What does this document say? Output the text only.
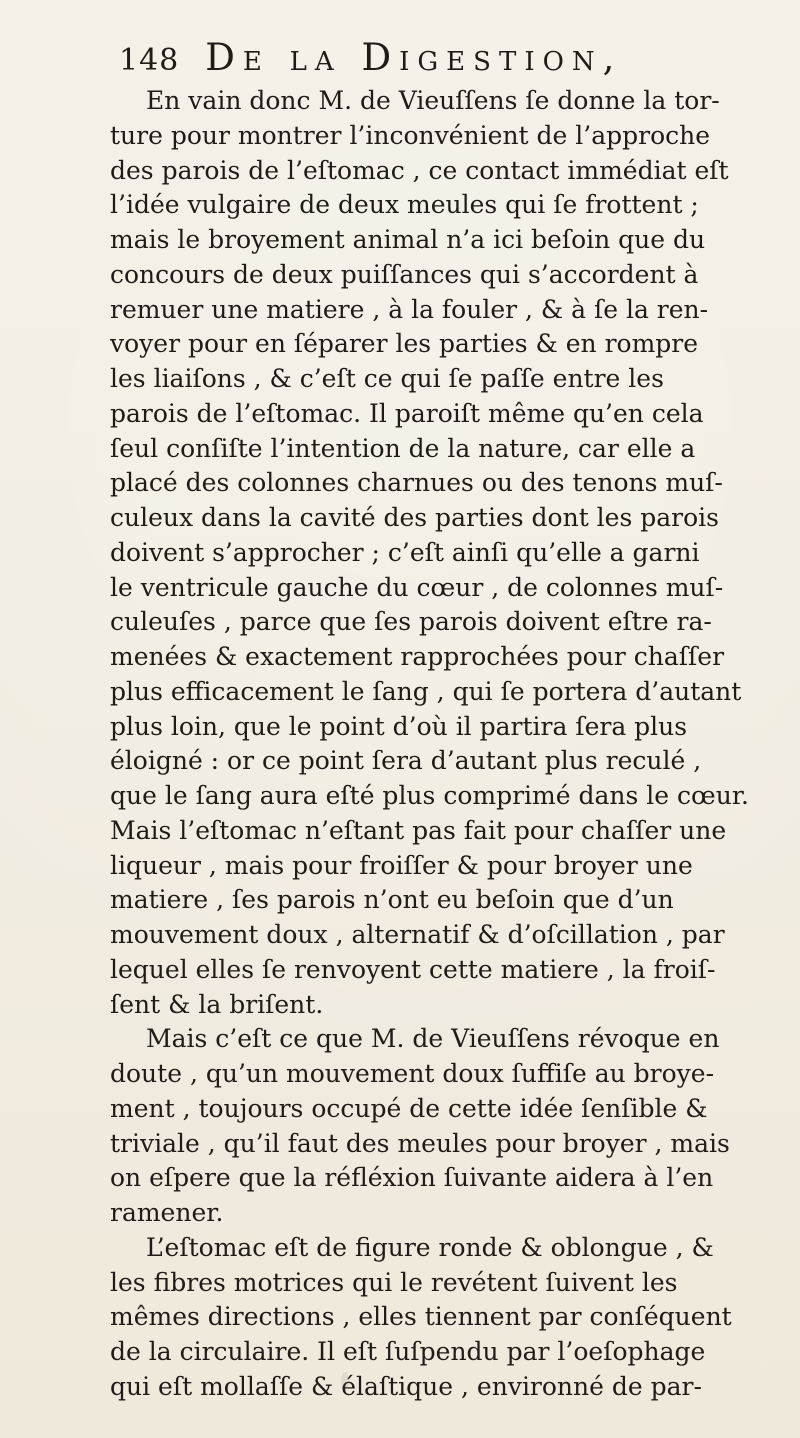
148 De la Digestion,
En vain donc M. de Vieuſſens ſe donne la tor-
ture pour montrer l’inconvénient de l’approche
des parois de l’eſtomac , ce contact immédiat eſt
l’idée vulgaire de deux meules qui ſe frottent ;
mais le broyement animal n’a ici beſoin que du
concours de deux puiſſances qui s’accordent à
remuer une matiere , à la fouler , & à ſe la ren-
voyer pour en ſéparer les parties & en rompre
les liaiſons , & c’eſt ce qui ſe paſſe entre les
parois de l’eſtomac. Il paroiſt même qu’en cela
ſeul conſiſte l’intention de la nature, car elle a
placé des colonnes charnues ou des tenons muſ-
culeux dans la cavité des parties dont les parois
doivent s’approcher ; c’eſt ainſi qu’elle a garni
le ventricule gauche du cœur , de colonnes muſ-
culeuſes , parce que ſes parois doivent eſtre ra-
menées & exactement rapprochées pour chaſſer
plus efficacement le ſang , qui ſe portera d’autant
plus loin, que le point d’où il partira ſera plus
éloigné : or ce point ſera d’autant plus reculé ,
que le ſang aura eſté plus comprimé dans le cœur.
Mais l’eſtomac n’eſtant pas fait pour chaſſer une
liqueur , mais pour froiſſer & pour broyer une
matiere , ſes parois n’ont eu beſoin que d’un
mouvement doux , alternatif & d’oſcillation , par
lequel elles ſe renvoyent cette matiere , la froiſ-
ſent & la briſent.
Mais c’eſt ce que M. de Vieuſſens révoque en
doute , qu’un mouvement doux ſuffiſe au broye-
ment , toujours occupé de cette idée ſenſible &
triviale , qu’il faut des meules pour broyer , mais
on eſpere que la réfléxion ſuivante aidera à l’en
ramener.
L’eſtomac eſt de figure ronde & oblongue , &
les fibres motrices qui le revétent ſuivent les
mêmes directions , elles tiennent par conſéquent
de la circulaire. Il eſt ſuſpendu par l’oeſophage
qui eſt mollaſſe & élaſtique , environné de par-
